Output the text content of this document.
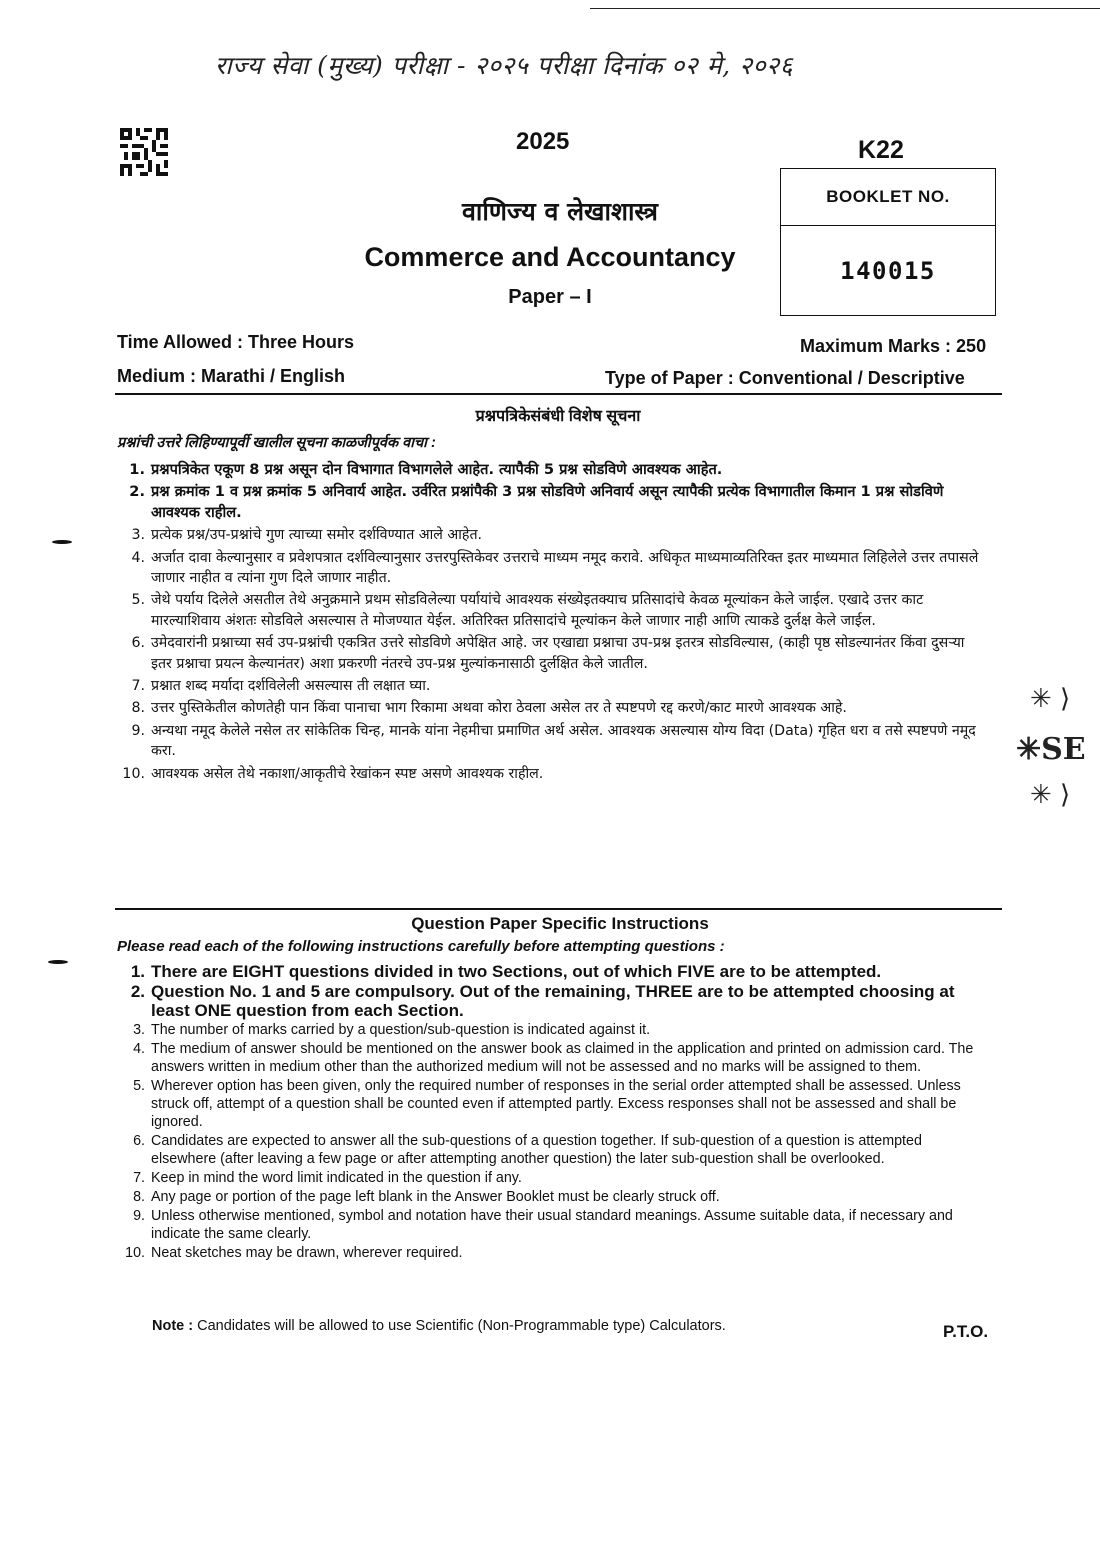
राज्य सेवा (मुख्य) परीक्षा - २०२५ परीक्षा दिनांक ०२ मे, २०२६
2025	K22
BOOKLET NO.
140015
वाणिज्य व लेखाशास्त्र
Commerce and Accountancy
Paper – I
Time Allowed : Three Hours	Maximum Marks : 250
Medium : Marathi / English	Type of Paper : Conventional / Descriptive
✳ ⟩
✳SE
✳ ⟩
प्रश्नपत्रिकेसंबंधी विशेष सूचना
प्रश्नांची उत्तरे लिहिण्यापूर्वी खालील सूचना काळजीपूर्वक वाचा :
1. प्रश्नपत्रिकेत एकूण 8 प्रश्न असून दोन विभागात विभागलेले आहेत. त्यापैकी 5 प्रश्न सोडविणे आवश्यक आहेत.
2. प्रश्न क्रमांक 1 व प्रश्न क्रमांक 5 अनिवार्य आहेत. उर्वरित प्रश्नांपैकी 3 प्रश्न सोडविणे अनिवार्य असून त्यापैकी प्रत्येक विभागातील किमान 1 प्रश्न सोडविणे आवश्यक राहील.
3. प्रत्येक प्रश्न/उप-प्रश्नांचे गुण त्याच्या समोर दर्शविण्यात आले आहेत.
4. अर्जात दावा केल्यानुसार व प्रवेशपत्रात दर्शविल्यानुसार उत्तरपुस्तिकेवर उत्तराचे माध्यम नमूद करावे. अधिकृत माध्यमाव्यतिरिक्त इतर माध्यमात लिहिलेले उत्तर तपासले जाणार नाहीत व त्यांना गुण दिले जाणार नाहीत.
5. जेथे पर्याय दिलेले असतील तेथे अनुक्रमाने प्रथम सोडविलेल्या पर्यायांचे आवश्यक संख्येइतक्याच प्रतिसादांचे केवळ मूल्यांकन केले जाईल. एखादे उत्तर काट मारल्याशिवाय अंशतः सोडविले असल्यास ते मोजण्यात येईल. अतिरिक्त प्रतिसादांचे मूल्यांकन केले जाणार नाही आणि त्याकडे दुर्लक्ष केले जाईल.
6. उमेदवारांनी प्रश्नाच्या सर्व उप-प्रश्नांची एकत्रित उत्तरे सोडविणे अपेक्षित आहे. जर एखाद्या प्रश्नाचा उप-प्रश्न इतरत्र सोडविल्यास, (काही पृष्ठ सोडल्यानंतर किंवा दुसऱ्या इतर प्रश्नाचा प्रयत्न केल्यानंतर) अशा प्रकरणी नंतरचे उप-प्रश्न मुल्यांकनासाठी दुर्लक्षित केले जातील.
7. प्रश्नात शब्द मर्यादा दर्शविलेली असल्यास ती लक्षात घ्या.
8. उत्तर पुस्तिकेतील कोणतेही पान किंवा पानाचा भाग रिकामा अथवा कोरा ठेवला असेल तर ते स्पष्टपणे रद्द करणे/काट मारणे आवश्यक आहे.
9. अन्यथा नमूद केलेले नसेल तर सांकेतिक चिन्ह, मानके यांना नेहमीचा प्रमाणित अर्थ असेल. आवश्यक असल्यास योग्य विदा (Data) गृहित धरा व तसे स्पष्टपणे नमूद करा.
10. आवश्यक असेल तेथे नकाशा/आकृतीचे रेखांकन स्पष्ट असणे आवश्यक राहील.
Question Paper Specific Instructions
Please read each of the following instructions carefully before attempting questions :
1. There are EIGHT questions divided in two Sections, out of which FIVE are to be attempted.
2. Question No. 1 and 5 are compulsory. Out of the remaining, THREE are to be attempted choosing at least ONE question from each Section.
3. The number of marks carried by a question/sub-question is indicated against it.
4. The medium of answer should be mentioned on the answer book as claimed in the application and printed on admission card. The answers written in medium other than the authorized medium will not be assessed and no marks will be assigned to them.
5. Wherever option has been given, only the required number of responses in the serial order attempted shall be assessed. Unless struck off, attempt of a question shall be counted even if attempted partly. Excess responses shall not be assessed and shall be ignored.
6. Candidates are expected to answer all the sub-questions of a question together. If sub-question of a question is attempted elsewhere (after leaving a few page or after attempting another question) the later sub-question shall be overlooked.
7. Keep in mind the word limit indicated in the question if any.
8. Any page or portion of the page left blank in the Answer Booklet must be clearly struck off.
9. Unless otherwise mentioned, symbol and notation have their usual standard meanings. Assume suitable data, if necessary and indicate the same clearly.
10. Neat sketches may be drawn, wherever required.
Note : Candidates will be allowed to use Scientific (Non-Programmable type) Calculators.	P.T.O.
